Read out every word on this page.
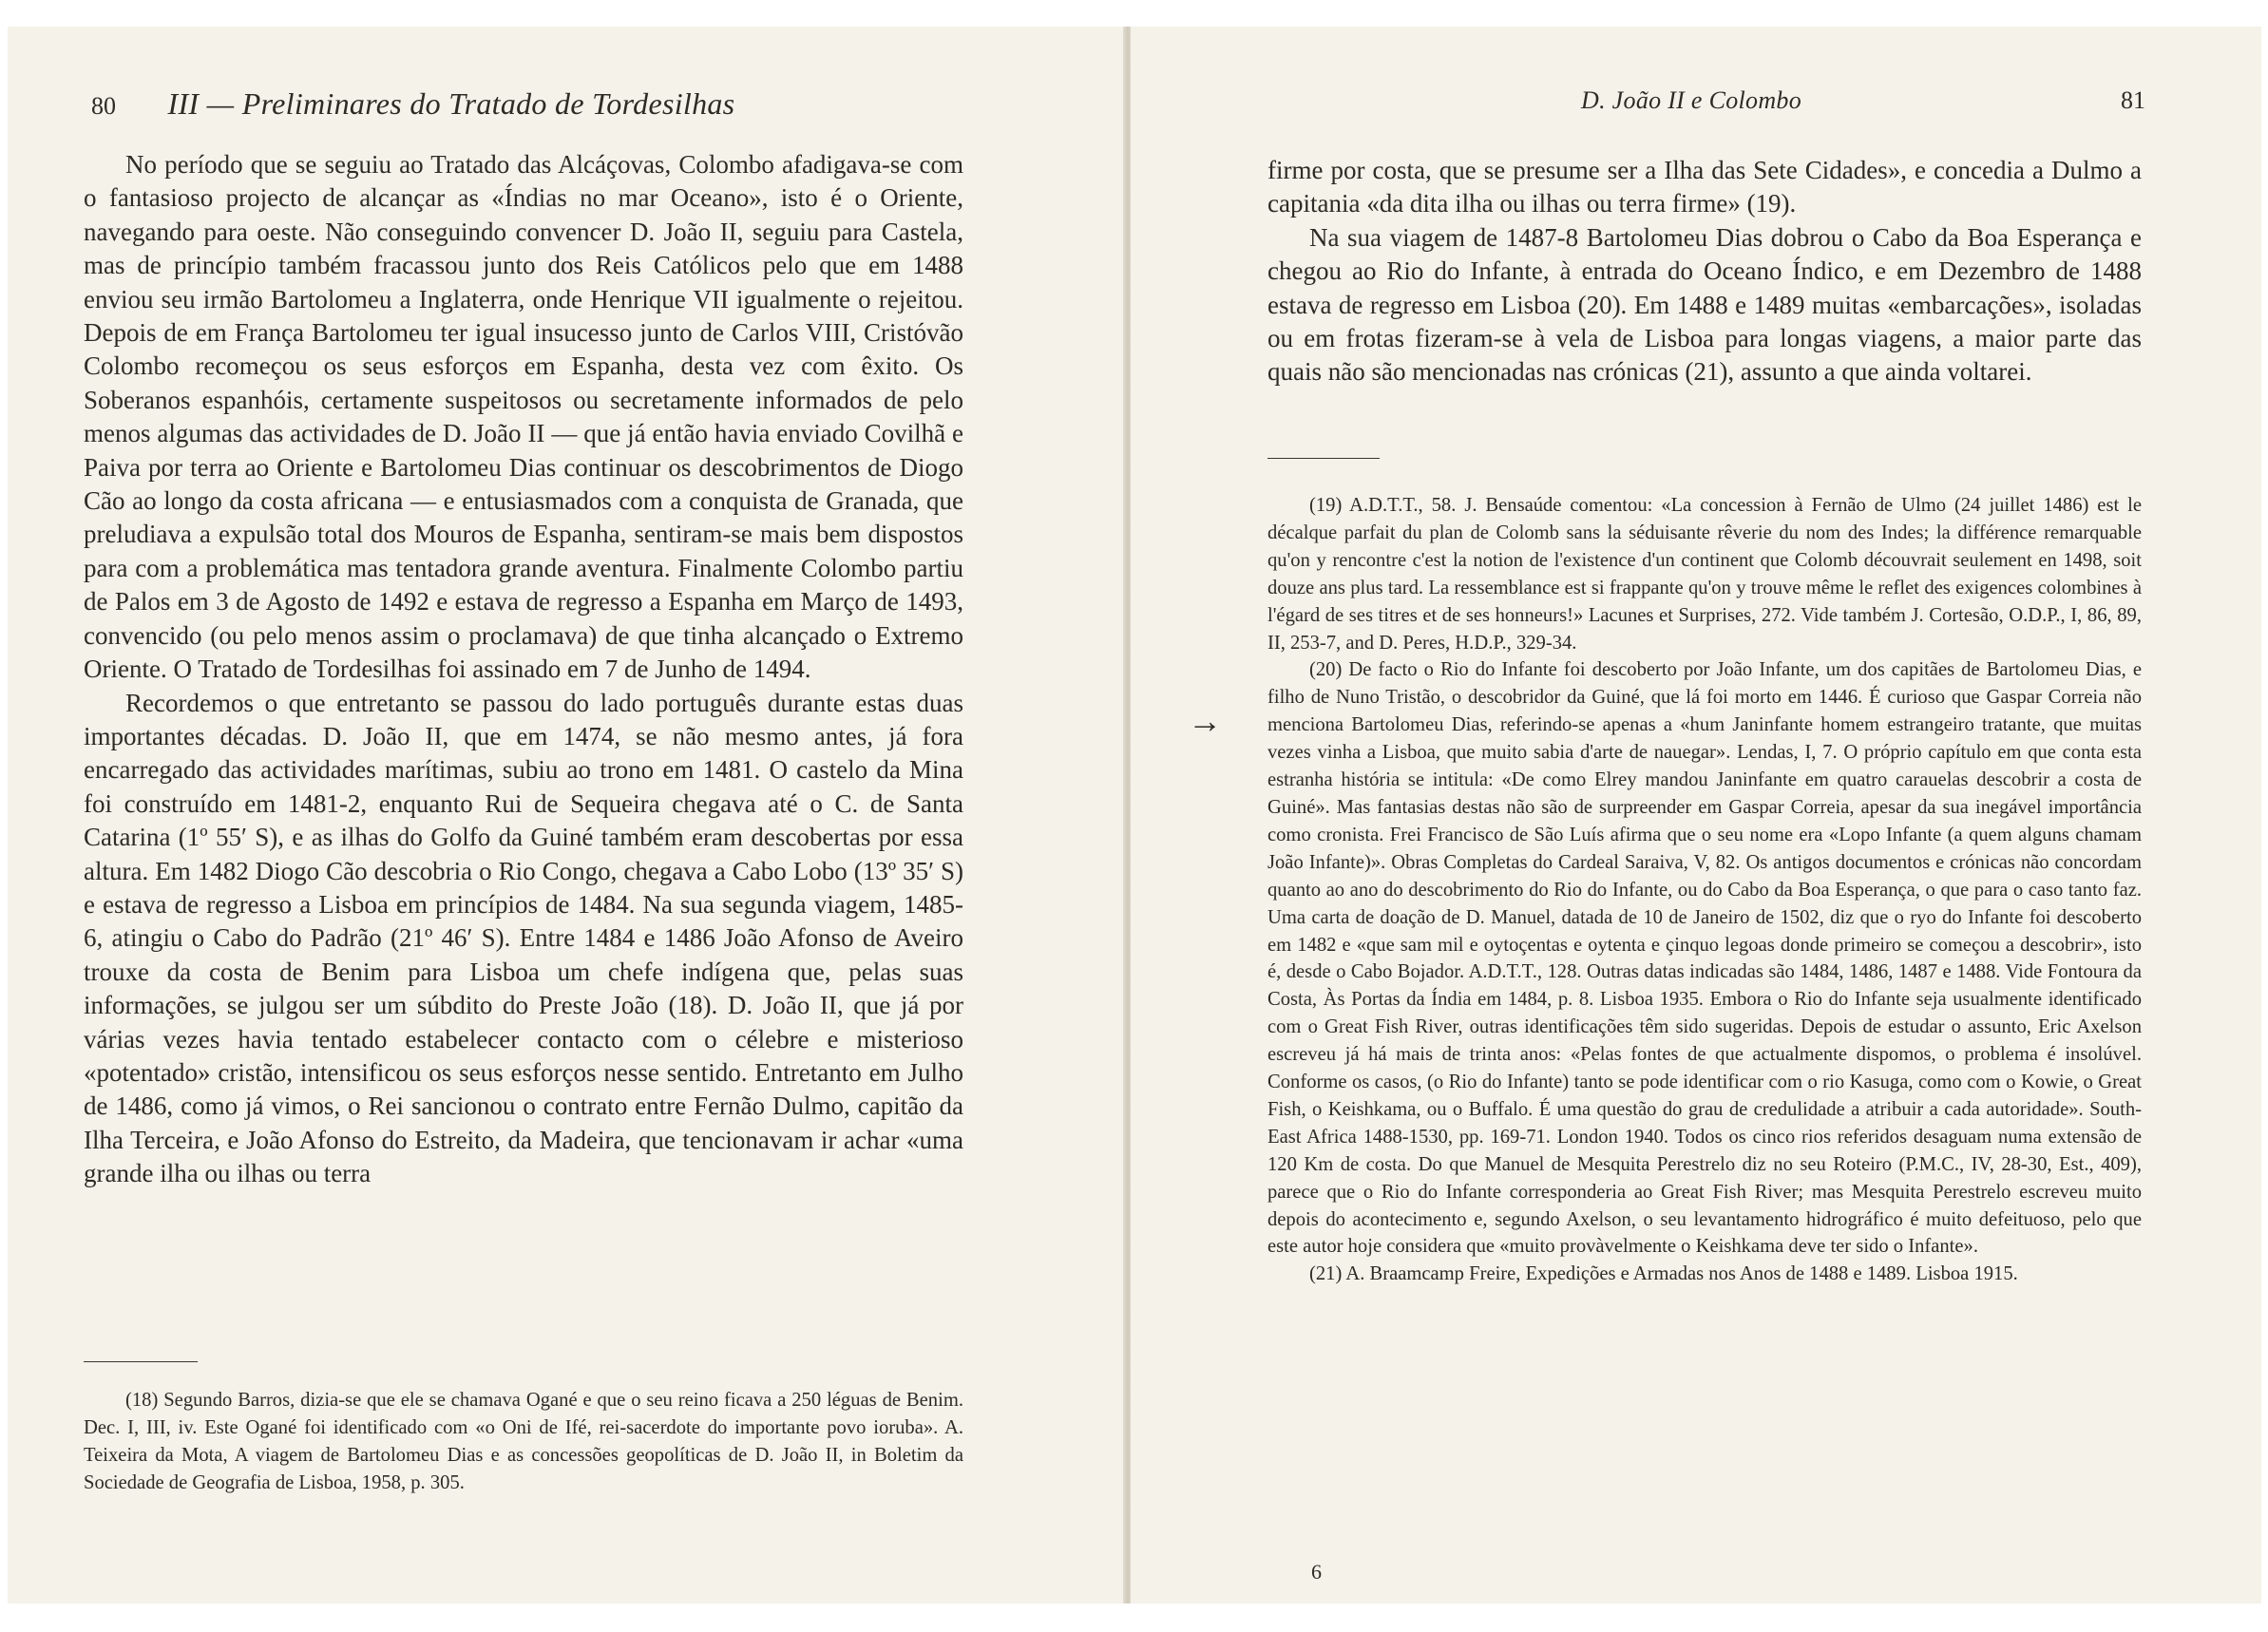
80 III — Preliminares do Tratado de Tordesilhas

No período que se seguiu ao Tratado das Alcáçovas, Colombo afadigava-se com o fantasioso projecto de alcançar as «Índias no mar Oceano», isto é o Oriente, navegando para oeste. Não conseguindo convencer D. João II, seguiu para Castela, mas de princípio também fracassou junto dos Reis Católicos pelo que em 1488 enviou seu irmão Bartolomeu a Inglaterra, onde Henrique VII igualmente o rejeitou. Depois de em França Bartolomeu ter igual insucesso junto de Carlos VIII, Cristóvão Colombo recomeçou os seus esforços em Espanha, desta vez com êxito. Os Soberanos espanhóis, certamente suspeitosos ou secretamente informados de pelo menos algumas das actividades de D. João II — que já então havia enviado Covilhã e Paiva por terra ao Oriente e Bartolomeu Dias continuar os descobrimentos de Diogo Cão ao longo da costa africana — e entusiasmados com a conquista de Granada, que preludiava a expulsão total dos Mouros de Espanha, sentiram-se mais bem dispostos para com a problemática mas tentadora grande aventura. Finalmente Colombo partiu de Palos em 3 de Agosto de 1492 e estava de regresso a Espanha em Março de 1493, convencido (ou pelo menos assim o proclamava) de que tinha alcançado o Extremo Oriente. O Tratado de Tordesilhas foi assinado em 7 de Junho de 1494.

Recordemos o que entretanto se passou do lado português durante estas duas importantes décadas. D. João II, que em 1474, se não mesmo antes, já fora encarregado das actividades marítimas, subiu ao trono em 1481. O castelo da Mina foi construído em 1481-2, enquanto Rui de Sequeira chegava até o C. de Santa Catarina (1º 55′ S), e as ilhas do Golfo da Guiné também eram descobertas por essa altura. Em 1482 Diogo Cão descobria o Rio Congo, chegava a Cabo Lobo (13º 35′ S) e estava de regresso a Lisboa em princípios de 1484. Na sua segunda viagem, 1485-6, atingiu o Cabo do Padrão (21º 46′ S). Entre 1484 e 1486 João Afonso de Aveiro trouxe da costa de Benim para Lisboa um chefe indígena que, pelas suas informações, se julgou ser um súbdito do Preste João (18). D. João II, que já por várias vezes havia tentado estabelecer contacto com o célebre e misterioso «potentado» cristão, intensificou os seus esforços nesse sentido. Entretanto em Julho de 1486, como já vimos, o Rei sancionou o contrato entre Fernão Dulmo, capitão da Ilha Terceira, e João Afonso do Estreito, da Madeira, que tencionavam ir achar «uma grande ilha ou ilhas ou terra

(18) Segundo Barros, dizia-se que ele se chamava Ogané e que o seu reino ficava a 250 léguas de Benim. Dec. I, III, iv. Este Ogané foi identificado com «o Oni de Ifé, rei-sacerdote do importante povo ioruba». A. Teixeira da Mota, A viagem de Bartolomeu Dias e as concessões geopolíticas de D. João II, in Boletim da Sociedade de Geografia de Lisboa, 1958, p. 305.

D. João II e Colombo	81

firme por costa, que se presume ser a Ilha das Sete Cidades», e concedia a Dulmo a capitania «da dita ilha ou ilhas ou terra firme» (19).

Na sua viagem de 1487-8 Bartolomeu Dias dobrou o Cabo da Boa Esperança e chegou ao Rio do Infante, à entrada do Oceano Índico, e em Dezembro de 1488 estava de regresso em Lisboa (20). Em 1488 e 1489 muitas «embarcações», isoladas ou em frotas fizeram-se à vela de Lisboa para longas viagens, a maior parte das quais não são mencionadas nas crónicas (21), assunto a que ainda voltarei.

→

(19) A.D.T.T., 58. J. Bensaúde comentou: «La concession à Fernão de Ulmo (24 juillet 1486) est le décalque parfait du plan de Colomb sans la séduisante rêverie du nom des Indes; la différence remarquable qu'on y rencontre c'est la notion de l'existence d'un continent que Colomb découvrait seulement en 1498, soit douze ans plus tard. La ressemblance est si frappante qu'on y trouve même le reflet des exigences colombines à l'égard de ses titres et de ses honneurs!» Lacunes et Surprises, 272. Vide também J. Cortesão, O.D.P., I, 86, 89, II, 253-7, and D. Peres, H.D.P., 329-34.

(20) De facto o Rio do Infante foi descoberto por João Infante, um dos capitães de Bartolomeu Dias, e filho de Nuno Tristão, o descobridor da Guiné, que lá foi morto em 1446. É curioso que Gaspar Correia não menciona Bartolomeu Dias, referindo-se apenas a «hum Janinfante homem estrangeiro tratante, que muitas vezes vinha a Lisboa, que muito sabia d'arte de nauegar». Lendas, I, 7. O próprio capítulo em que conta esta estranha história se intitula: «De como Elrey mandou Janinfante em quatro carauelas descobrir a costa de Guiné». Mas fantasias destas não são de surpreender em Gaspar Correia, apesar da sua inegável importância como cronista. Frei Francisco de São Luís afirma que o seu nome era «Lopo Infante (a quem alguns chamam João Infante)». Obras Completas do Cardeal Saraiva, V, 82. Os antigos documentos e crónicas não concordam quanto ao ano do descobrimento do Rio do Infante, ou do Cabo da Boa Esperança, o que para o caso tanto faz. Uma carta de doação de D. Manuel, datada de 10 de Janeiro de 1502, diz que o ryo do Infante foi descoberto em 1482 e «que sam mil e oytoçentas e oytenta e çinquo legoas donde primeiro se começou a descobrir», isto é, desde o Cabo Bojador. A.D.T.T., 128. Outras datas indicadas são 1484, 1486, 1487 e 1488. Vide Fontoura da Costa, Às Portas da Índia em 1484, p. 8. Lisboa 1935. Embora o Rio do Infante seja usualmente identificado com o Great Fish River, outras identificações têm sido sugeridas. Depois de estudar o assunto, Eric Axelson escreveu já há mais de trinta anos: «Pelas fontes de que actualmente dispomos, o problema é insolúvel. Conforme os casos, (o Rio do Infante) tanto se pode identificar com o rio Kasuga, como com o Kowie, o Great Fish, o Keishkama, ou o Buffalo. É uma questão do grau de credulidade a atribuir a cada autoridade». South-East Africa 1488-1530, pp. 169-71. London 1940. Todos os cinco rios referidos desaguam numa extensão de 120 Km de costa. Do que Manuel de Mesquita Perestrelo diz no seu Roteiro (P.M.C., IV, 28-30, Est., 409), parece que o Rio do Infante corresponderia ao Great Fish River; mas Mesquita Perestrelo escreveu muito depois do acontecimento e, segundo Axelson, o seu levantamento hidrográfico é muito defeituoso, pelo que este autor hoje considera que «muito provàvelmente o Keishkama deve ter sido o Infante».

(21) A. Braamcamp Freire, Expedições e Armadas nos Anos de 1488 e 1489. Lisboa 1915.

6
